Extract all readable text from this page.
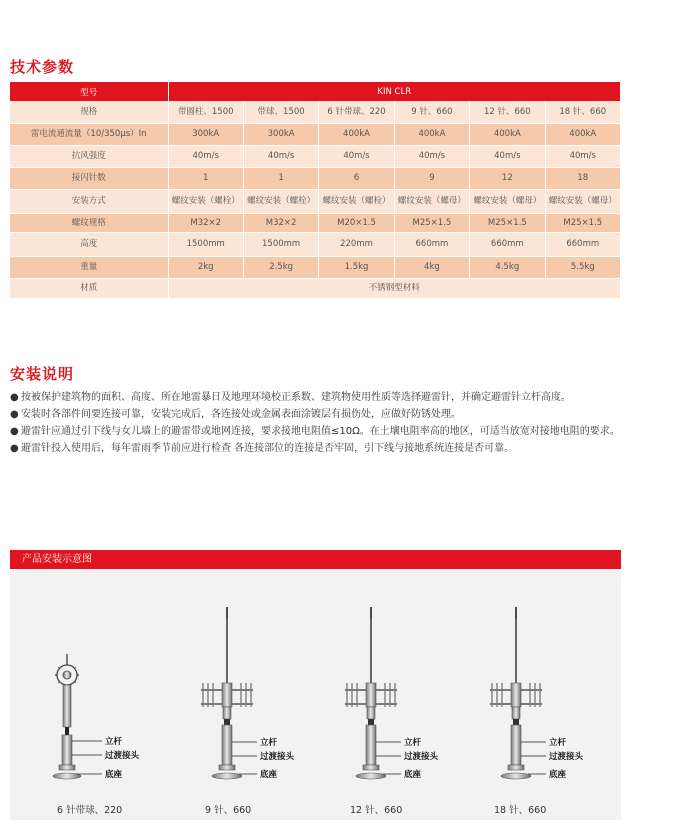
技术参数
型号	KIN CLR					
规格	带圆柱、1500	带球、1500	6 针带球、220	9 针、660	12 针、660	18 针、660
雷电流通流量（10/350μs）In	300kA	300kA	400kA	400kA	400kA	400kA
抗风强度	40m/s	40m/s	40m/s	40m/s	40m/s	40m/s
接闪针数	1	1	6	9	12	18
安装方式	螺纹安装（螺栓）	螺纹安装（螺栓）	螺纹安装（螺栓）	螺纹安装（螺母）	螺纹安装（螺母）	螺纹安装（螺母）
螺纹规格	M32×2	M32×2	M20×1.5	M25×1.5	M25×1.5	M25×1.5
高度	1500mm	1500mm	220mm	660mm	660mm	660mm
重量	2kg	2.5kg	1.5kg	4kg	4.5kg	5.5kg
材质	不锈钢型材料					
安装说明
● 按被保护建筑物的面积、高度、所在地雷暴日及地理环境校正系数、建筑物使用性质等选择避雷针，并确定避雷针立杆高度。
● 安装时各部件间要连接可靠，安装完成后，各连接处或金属表面涂镀层有损伤处，应做好防锈处理。
● 避雷针应通过引下线与女儿墙上的避雷带或地网连接，要求接地电阻值≤10Ω。在土壤电阻率高的地区，可适当放宽对接地电阻的要求。
● 避雷针投入使用后，每年雷雨季节前应进行检查 各连接部位的连接是否牢固，引下线与接地系统连接是否可靠。
产品安装示意图
立杆
过渡接头
底座
立杆
过渡接头
底座
立杆
过渡接头
底座
立杆
过渡接头
底座
6 针带球、220	9 针、660	12 针、660	18 针、660
